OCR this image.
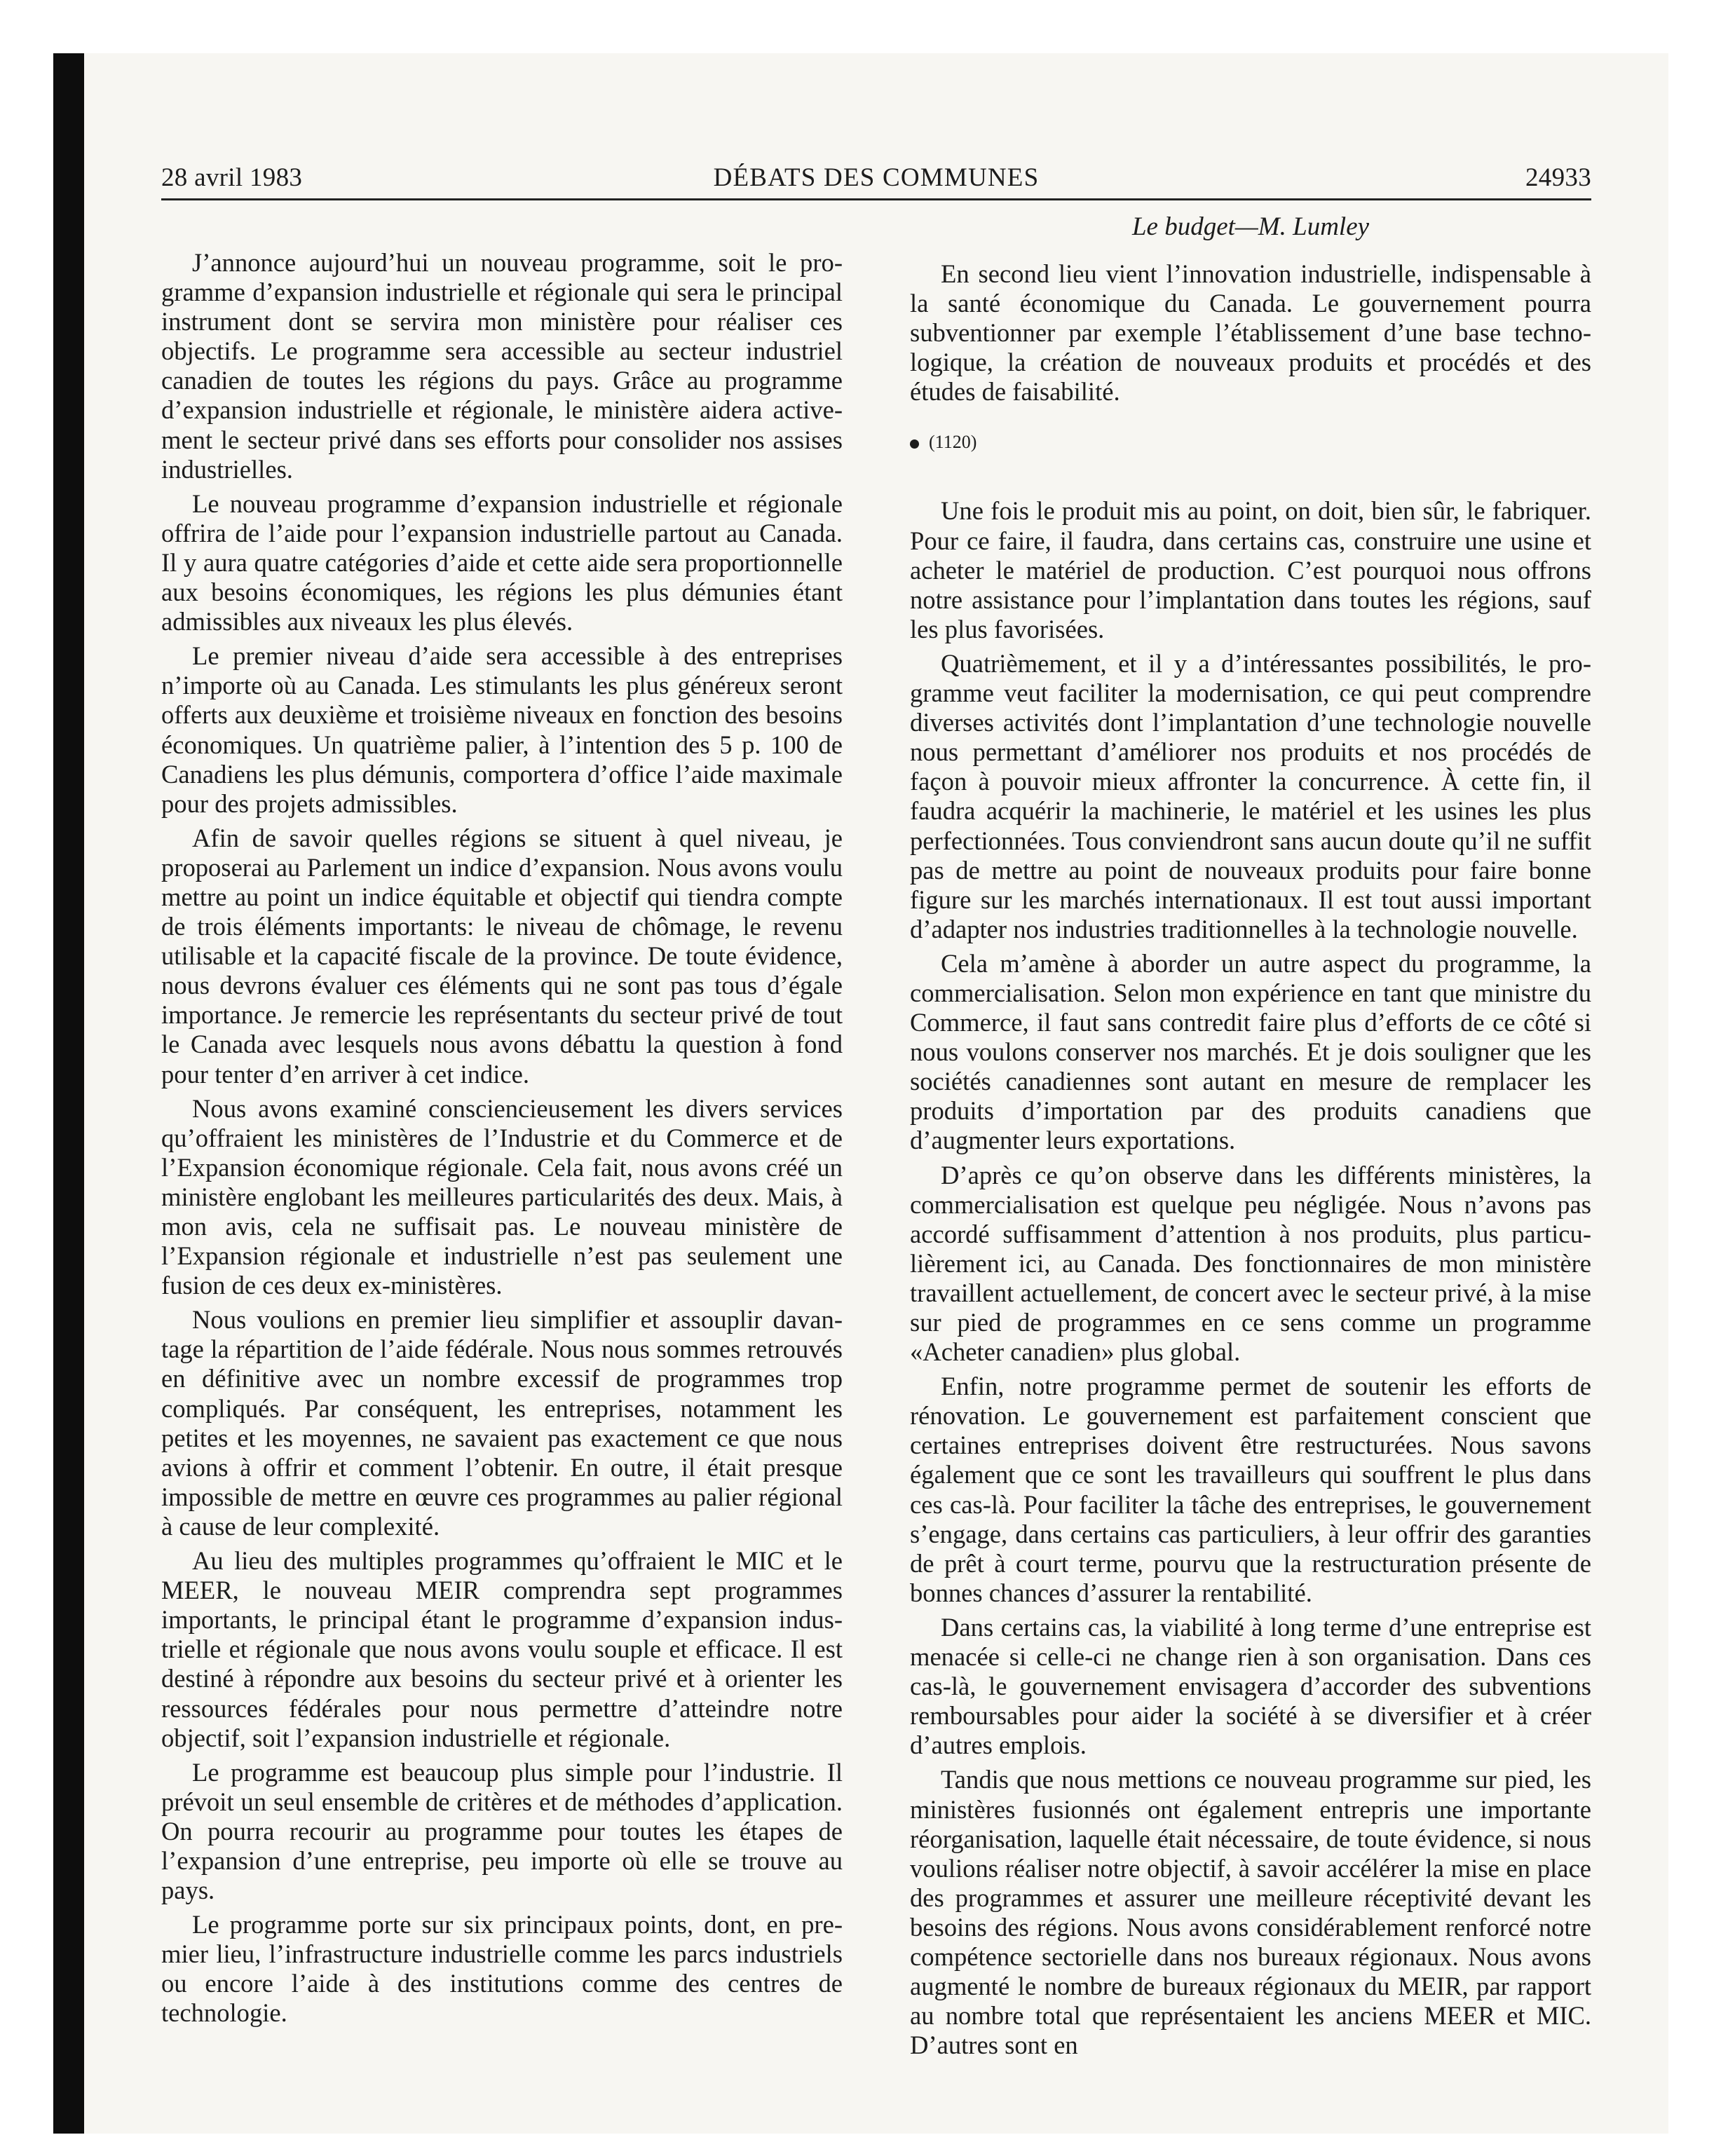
28 avril 1983	DÉBATS DES COMMUNES	24933
Le budget—M. Lumley

J’annonce aujourd’hui un nouveau programme, soit le programme d’expansion industrielle et régionale qui sera le principal instrument dont se servira mon ministère pour réaliser ces objectifs. Le programme sera accessible au secteur industriel canadien de toutes les régions du pays. Grâce au programme d’expansion industrielle et régionale, le ministère aidera activement le secteur privé dans ses efforts pour consolider nos assises industrielles.

Le nouveau programme d’expansion industrielle et régionale offrira de l’aide pour l’expansion industrielle partout au Canada. Il y aura quatre catégories d’aide et cette aide sera proportionnelle aux besoins économiques, les régions les plus démunies étant admissibles aux niveaux les plus élevés.

Le premier niveau d’aide sera accessible à des entreprises n’importe où au Canada. Les stimulants les plus généreux seront offerts aux deuxième et troisième niveaux en fonction des besoins économiques. Un quatrième palier, à l’intention des 5 p. 100 de Canadiens les plus démunis, comportera d’office l’aide maximale pour des projets admissibles.

Afin de savoir quelles régions se situent à quel niveau, je proposerai au Parlement un indice d’expansion. Nous avons voulu mettre au point un indice équitable et objectif qui tiendra compte de trois éléments importants: le niveau de chômage, le revenu utilisable et la capacité fiscale de la province. De toute évidence, nous devrons évaluer ces éléments qui ne sont pas tous d’égale importance. Je remercie les représentants du secteur privé de tout le Canada avec lesquels nous avons débattu la question à fond pour tenter d’en arriver à cet indice.

Nous avons examiné consciencieusement les divers services qu’offraient les ministères de l’Industrie et du Commerce et de l’Expansion économique régionale. Cela fait, nous avons créé un ministère englobant les meilleures particularités des deux. Mais, à mon avis, cela ne suffisait pas. Le nouveau ministère de l’Expansion régionale et industrielle n’est pas seulement une fusion de ces deux ex-ministères.

Nous voulions en premier lieu simplifier et assouplir davantage la répartition de l’aide fédérale. Nous nous sommes retrouvés en définitive avec un nombre excessif de programmes trop compliqués. Par conséquent, les entreprises, notamment les petites et les moyennes, ne savaient pas exactement ce que nous avions à offrir et comment l’obtenir. En outre, il était presque impossible de mettre en œuvre ces programmes au palier régional à cause de leur complexité.

Au lieu des multiples programmes qu’offraient le MIC et le MEER, le nouveau MEIR comprendra sept programmes importants, le principal étant le programme d’expansion industrielle et régionale que nous avons voulu souple et efficace. Il est destiné à répondre aux besoins du secteur privé et à orienter les ressources fédérales pour nous permettre d’atteindre notre objectif, soit l’expansion industrielle et régionale.

Le programme est beaucoup plus simple pour l’industrie. Il prévoit un seul ensemble de critères et de méthodes d’application. On pourra recourir au programme pour toutes les étapes de l’expansion d’une entreprise, peu importe où elle se trouve au pays.

Le programme porte sur six principaux points, dont, en premier lieu, l’infrastructure industrielle comme les parcs industriels ou encore l’aide à des institutions comme des centres de technologie.

En second lieu vient l’innovation industrielle, indispensable à la santé économique du Canada. Le gouvernement pourra subventionner par exemple l’établissement d’une base technologique, la création de nouveaux produits et procédés et des études de faisabilité.

(1120)

Une fois le produit mis au point, on doit, bien sûr, le fabriquer. Pour ce faire, il faudra, dans certains cas, construire une usine et acheter le matériel de production. C’est pourquoi nous offrons notre assistance pour l’implantation dans toutes les régions, sauf les plus favorisées.

Quatrièmement, et il y a d’intéressantes possibilités, le programme veut faciliter la modernisation, ce qui peut comprendre diverses activités dont l’implantation d’une technologie nouvelle nous permettant d’améliorer nos produits et nos procédés de façon à pouvoir mieux affronter la concurrence. À cette fin, il faudra acquérir la machinerie, le matériel et les usines les plus perfectionnées. Tous conviendront sans aucun doute qu’il ne suffit pas de mettre au point de nouveaux produits pour faire bonne figure sur les marchés internationaux. Il est tout aussi important d’adapter nos industries traditionnelles à la technologie nouvelle.

Cela m’amène à aborder un autre aspect du programme, la commercialisation. Selon mon expérience en tant que ministre du Commerce, il faut sans contredit faire plus d’efforts de ce côté si nous voulons conserver nos marchés. Et je dois souligner que les sociétés canadiennes sont autant en mesure de remplacer les produits d’importation par des produits canadiens que d’augmenter leurs exportations.

D’après ce qu’on observe dans les différents ministères, la commercialisation est quelque peu négligée. Nous n’avons pas accordé suffisamment d’attention à nos produits, plus particulièrement ici, au Canada. Des fonctionnaires de mon ministère travaillent actuellement, de concert avec le secteur privé, à la mise sur pied de programmes en ce sens comme un programme «Acheter canadien» plus global.

Enfin, notre programme permet de soutenir les efforts de rénovation. Le gouvernement est parfaitement conscient que certaines entreprises doivent être restructurées. Nous savons également que ce sont les travailleurs qui souffrent le plus dans ces cas-là. Pour faciliter la tâche des entreprises, le gouvernement s’engage, dans certains cas particuliers, à leur offrir des garanties de prêt à court terme, pourvu que la restructuration présente de bonnes chances d’assurer la rentabilité.

Dans certains cas, la viabilité à long terme d’une entreprise est menacée si celle-ci ne change rien à son organisation. Dans ces cas-là, le gouvernement envisagera d’accorder des subventions remboursables pour aider la société à se diversifier et à créer d’autres emplois.

Tandis que nous mettions ce nouveau programme sur pied, les ministères fusionnés ont également entrepris une importante réorganisation, laquelle était nécessaire, de toute évidence, si nous voulions réaliser notre objectif, à savoir accélérer la mise en place des programmes et assurer une meilleure réceptivité devant les besoins des régions. Nous avons considérablement renforcé notre compétence sectorielle dans nos bureaux régionaux. Nous avons augmenté le nombre de bureaux régionaux du MEIR, par rapport au nombre total que représentaient les anciens MEER et MIC. D’autres sont en
